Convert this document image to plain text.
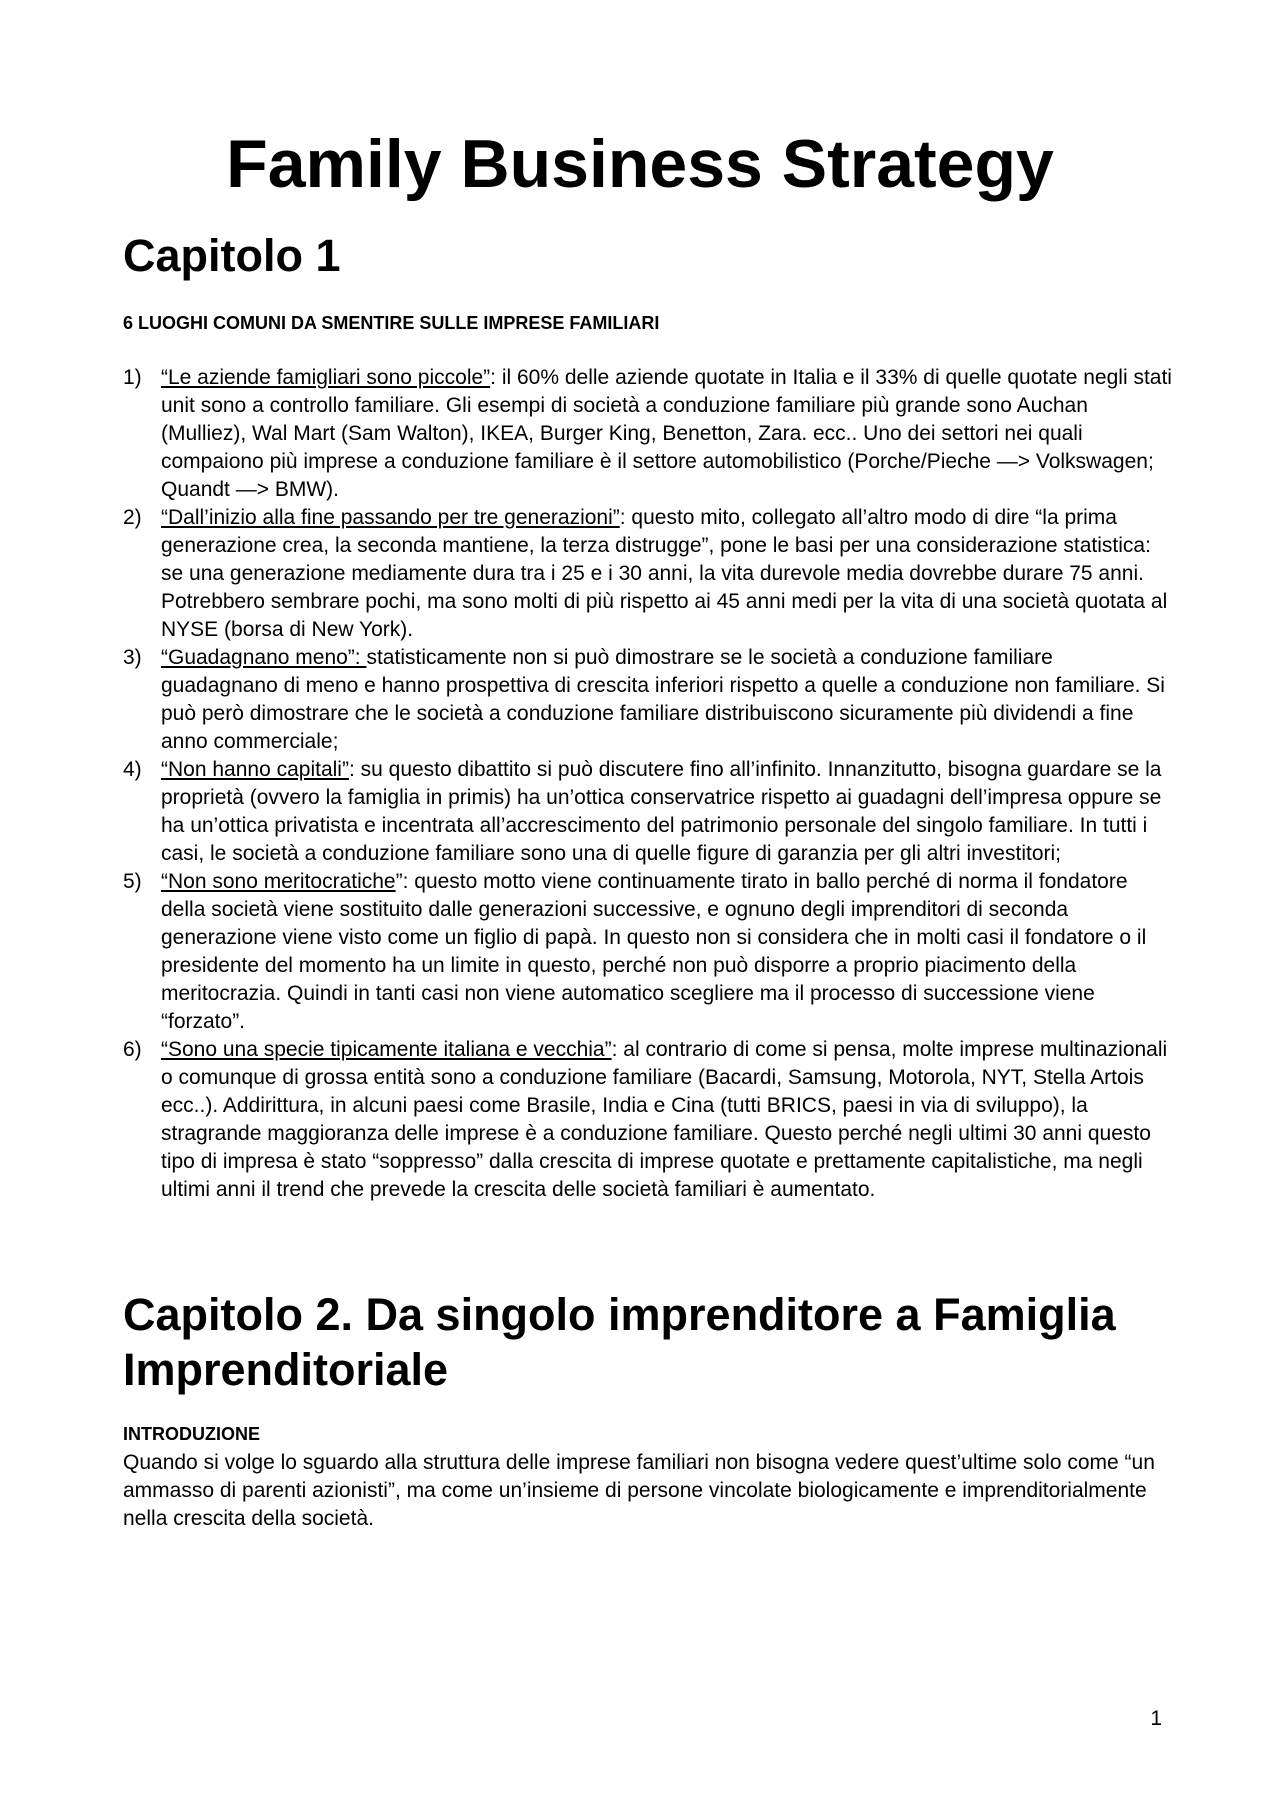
Family Business Strategy
Capitolo 1
6 LUOGHI COMUNI DA SMENTIRE SULLE IMPRESE FAMILIARI
1) “Le aziende famigliari sono piccole”: il 60% delle aziende quotate in Italia e il 33% di quelle quotate negli stati unit sono a controllo familiare. Gli esempi di società a conduzione familiare più grande sono Auchan (Mulliez), Wal Mart (Sam Walton), IKEA, Burger King, Benetton, Zara. ecc.. Uno dei settori nei quali compaiono più imprese a conduzione familiare è il settore automobilistico (Porche/Pieche —> Volkswagen; Quandt —> BMW).
2) “Dall’inizio alla fine passando per tre generazioni”: questo mito, collegato all’altro modo di dire “la prima generazione crea, la seconda mantiene, la terza distrugge”, pone le basi per una considerazione statistica: se una generazione mediamente dura tra i 25 e i 30 anni, la vita durevole media dovrebbe durare 75 anni. Potrebbero sembrare pochi, ma sono molti di più rispetto ai 45 anni medi per la vita di una società quotata al NYSE (borsa di New York).
3) “Guadagnano meno”: statisticamente non si può dimostrare se le società a conduzione familiare guadagnano di meno e hanno prospettiva di crescita inferiori rispetto a quelle a conduzione non familiare. Si può però dimostrare che le società a conduzione familiare distribuiscono sicuramente più dividendi a fine anno commerciale;
4) “Non hanno capitali”: su questo dibattito si può discutere fino all’infinito. Innanzitutto, bisogna guardare se la proprietà (ovvero la famiglia in primis) ha un’ottica conservatrice rispetto ai guadagni dell’impresa oppure se ha un’ottica privatista e incentrata all’accrescimento del patrimonio personale del singolo familiare. In tutti i casi, le società a conduzione familiare sono una di quelle figure di garanzia per gli altri investitori;
5) “Non sono meritocratiche”: questo motto viene continuamente tirato in ballo perché di norma il fondatore della società viene sostituito dalle generazioni successive, e ognuno degli imprenditori di seconda generazione viene visto come un figlio di papà. In questo non si considera che in molti casi il fondatore o il presidente del momento ha un limite in questo, perché non può disporre a proprio piacimento della meritocrazia. Quindi in tanti casi non viene automatico scegliere ma il processo di successione viene “forzato”.
6) “Sono una specie tipicamente italiana e vecchia”: al contrario di come si pensa, molte imprese multinazionali o comunque di grossa entità sono a conduzione familiare (Bacardi, Samsung, Motorola, NYT, Stella Artois ecc..). Addirittura, in alcuni paesi come Brasile, India e Cina (tutti BRICS, paesi in via di sviluppo), la stragrande maggioranza delle imprese è a conduzione familiare. Questo perché negli ultimi 30 anni questo tipo di impresa è stato “soppresso” dalla crescita di imprese quotate e prettamente capitalistiche, ma negli ultimi anni il trend che prevede la crescita delle società familiari è aumentato.
Capitolo 2. Da singolo imprenditore a Famiglia Imprenditoriale
INTRODUZIONE

Quando si volge lo sguardo alla struttura delle imprese familiari non bisogna vedere quest’ultime solo come “un ammasso di parenti azionisti”, ma come un’insieme di persone vincolate biologicamente e imprenditorialmente nella crescita della società.

1
